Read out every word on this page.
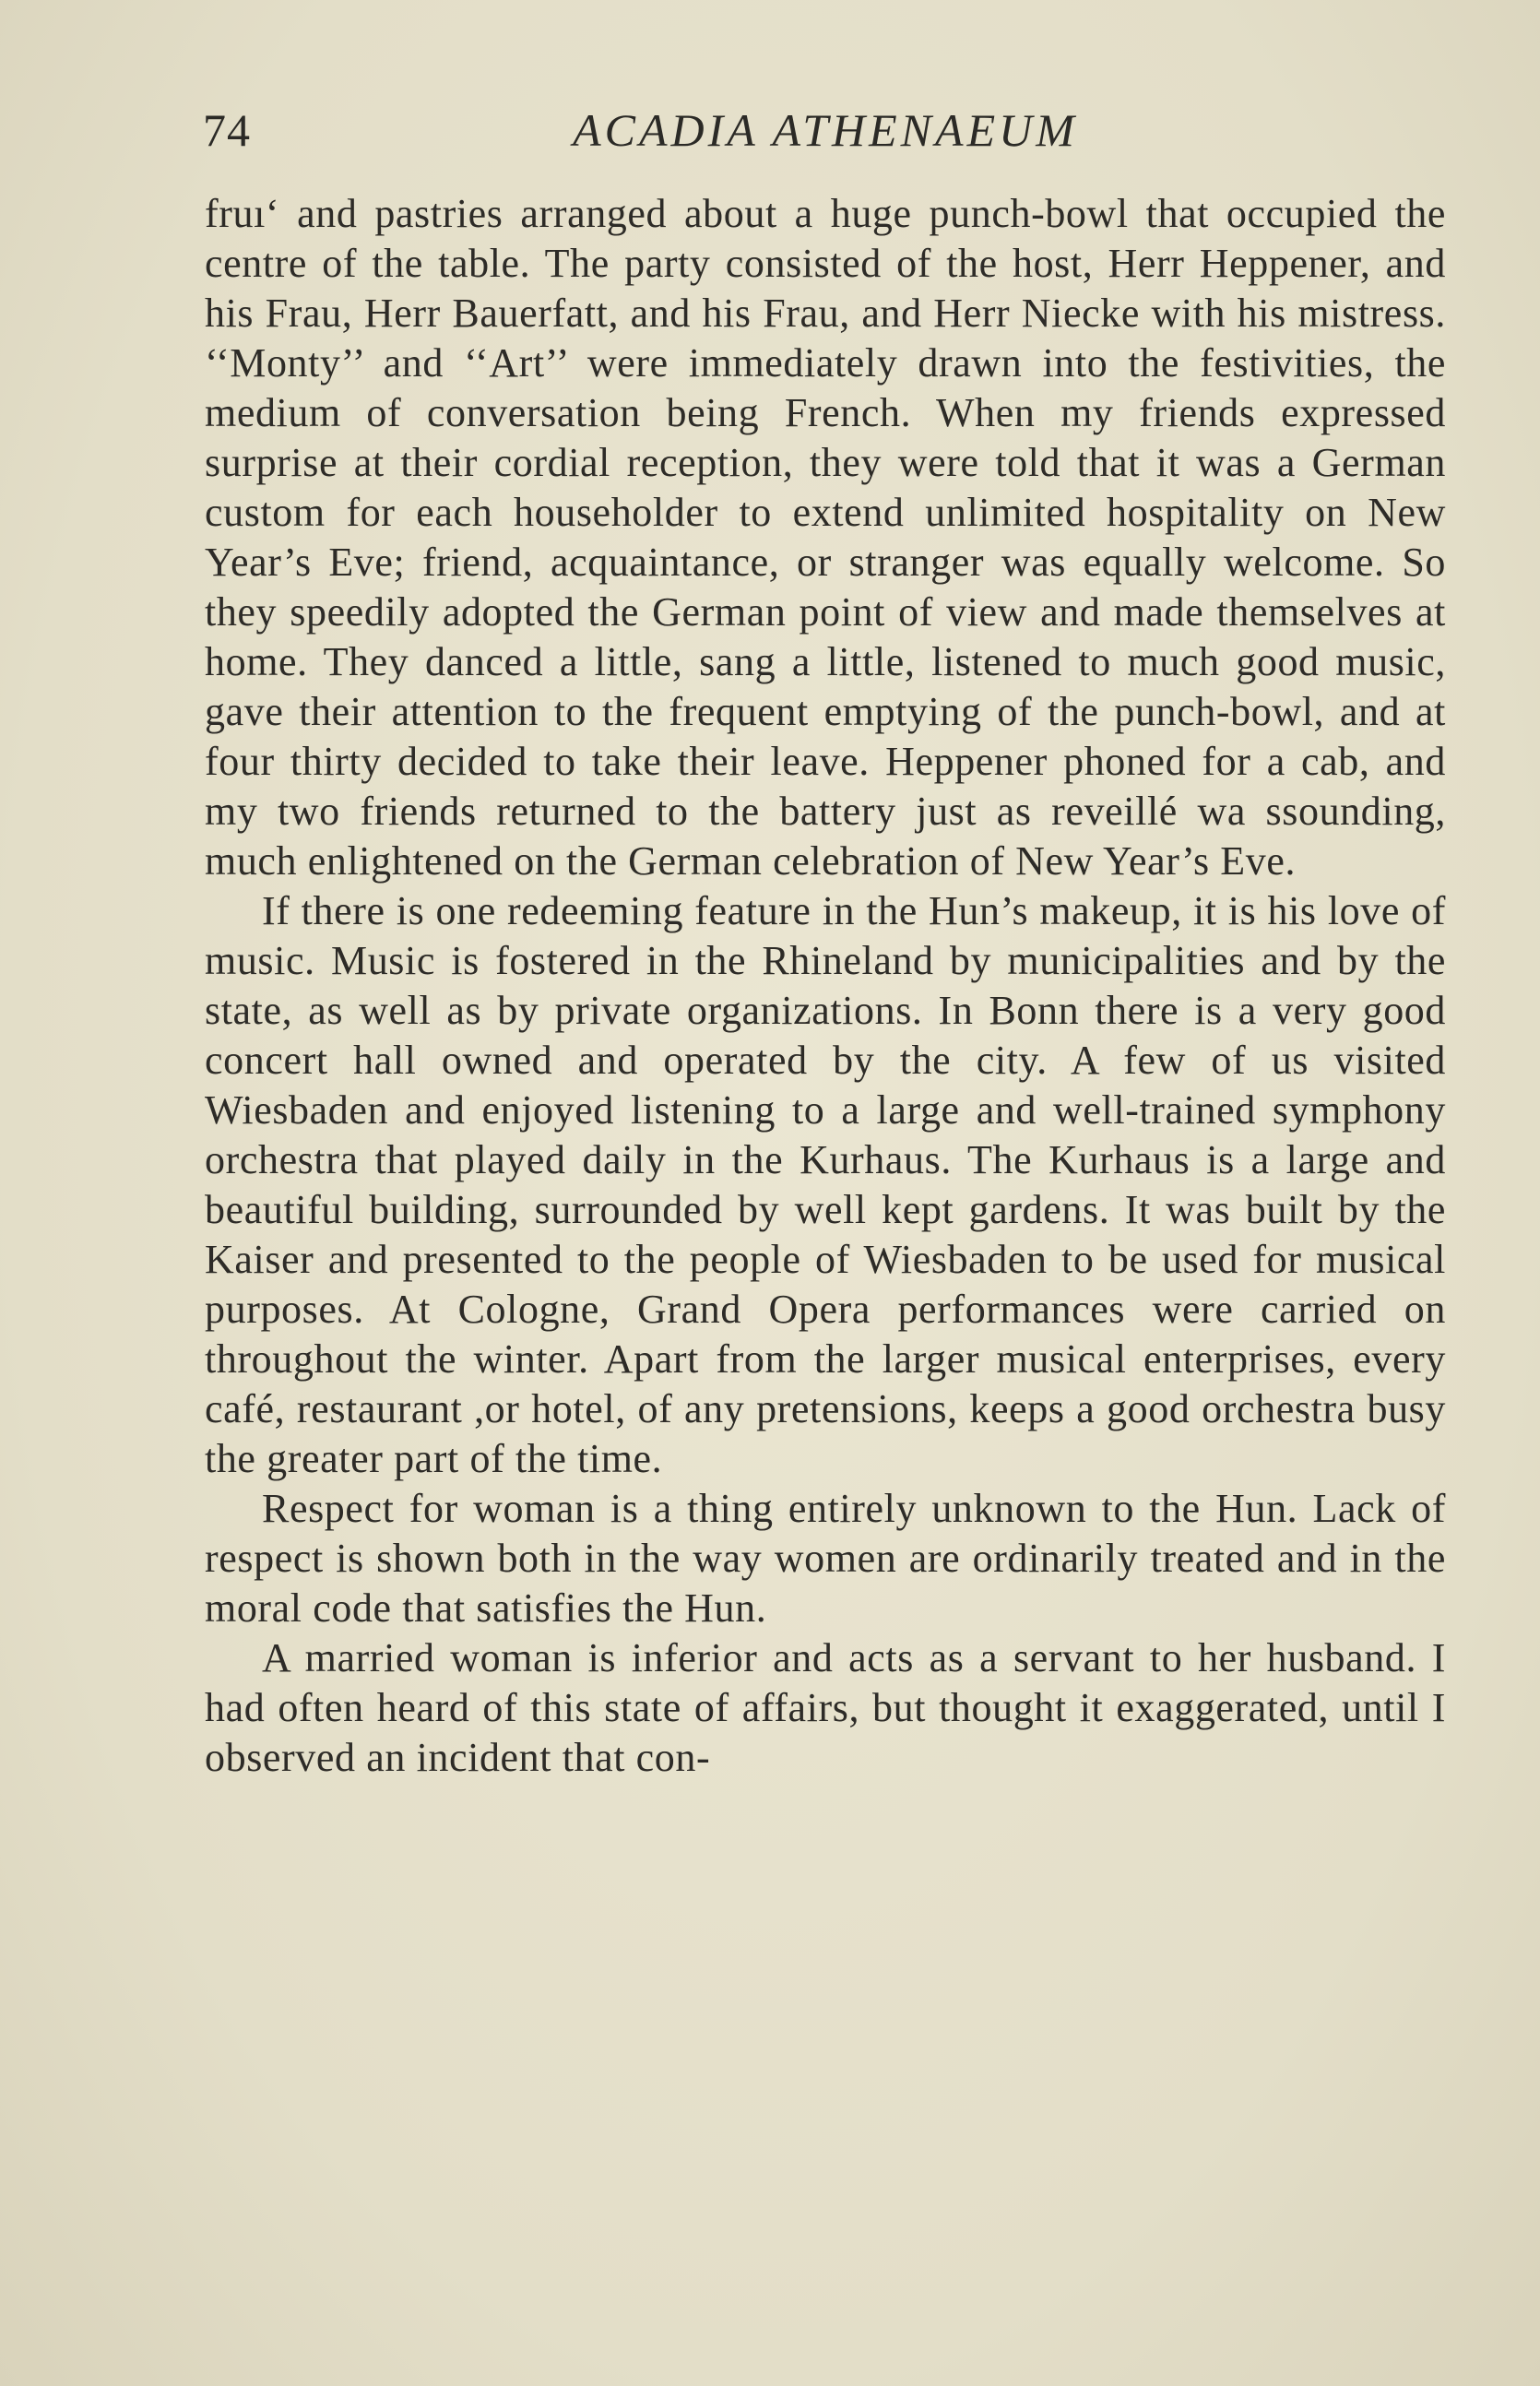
74	ACADIA ATHENAEUM

fruıʻ and pastries arranged about a huge punch-bowl that occupied the centre of the table. The party consisted of the host, Herr Heppener, and his Frau, Herr Bauerfatt, and his Frau, and Herr Niecke with his mistress. ‘‘Monty’’ and ‘‘Art’’ were immediately drawn into the festivities, the medium of conversation being French. When my friends expressed surprise at their cordial reception, they were told that it was a German custom for each householder to extend unlimited hospitality on New Year’s Eve; friend, acquaintance, or stranger was equally welcome. So they speedily adopted the German point of view and made themselves at home. They danced a little, sang a little, listened to much good music, gave their attention to the frequent emptying of the punch-bowl, and at four thirty decided to take their leave. Heppener phoned for a cab, and my two friends returned to the battery just as reveillé wa ssounding, much enlightened on the German celebration of New Year’s Eve.

If there is one redeeming feature in the Hun’s makeup, it is his love of music. Music is fostered in the Rhineland by municipalities and by the state, as well as by private organizations. In Bonn there is a very good concert hall owned and operated by the city. A few of us visited Wiesbaden and enjoyed listening to a large and well-trained symphony orchestra that played daily in the Kurhaus. The Kurhaus is a large and beautiful building, surrounded by well kept gardens. It was built by the Kaiser and presented to the people of Wiesbaden to be used for musical purposes. At Cologne, Grand Opera performances were carried on throughout the winter. Apart from the larger musical enterprises, every café, restaurant ,or hotel, of any pretensions, keeps a good orchestra busy the greater part of the time.

Respect for woman is a thing entirely unknown to the Hun. Lack of respect is shown both in the way women are ordinarily treated and in the moral code that satisfies the Hun.

A married woman is inferior and acts as a servant to her husband. I had often heard of this state of affairs, but thought it exaggerated, until I observed an incident that con-
